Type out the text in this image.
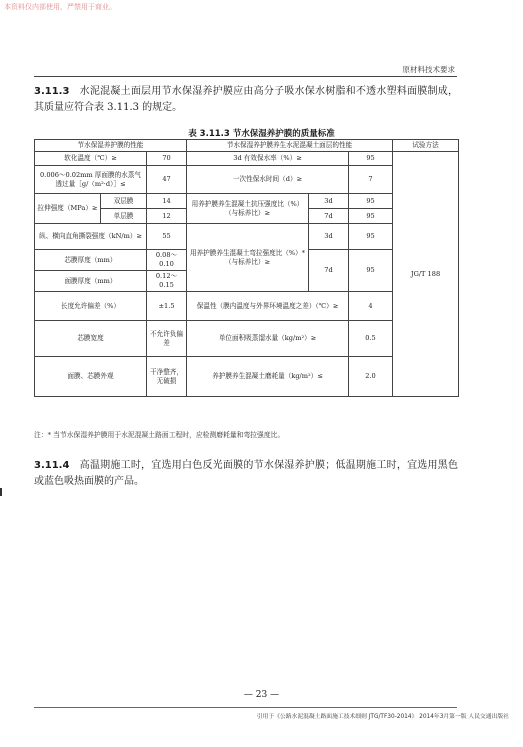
本资料仅内部使用，严禁用于商业。
原材料技术要求
3.11.3 水泥混凝土面层用节水保湿养护膜应由高分子吸水保水树脂和不透水塑料面膜制成，其质量应符合表 3.11.3 的规定。
表 3.11.3 节水保湿养护膜的质量标准
节水保湿养护膜的性能			节水保湿养护膜养生水泥混凝土面层的性能			试验方法
软化温度（℃）≥		70	3d 有效保水率（%）≥		95	JG/T 188
0.006～0.02mm 厚面膜的水蒸气透过量［g/（m²·d）］≤		47	一次性保水时间（d）≥		7	
拉伸强度（MPa）≥	双层膜	14	用养护膜养生混凝土抗压强度比（%）（与标养比）≥	3d	95	
	单层膜	12		7d	95	
纵、横向直角撕裂强度（kN/m）≥		55	用养护膜养生混凝土弯拉强度比（%）*（与标养比）≥	3d	95	
芯膜厚度（mm）		0.08～0.10		7d	95	
面膜厚度（mm）		0.12～0.15				
长度允许偏差（%）		±1.5	保温性（膜内温度与外界环境温度之差）（℃）≥		4	
芯膜宽度		不允许负偏差	单位面积吸蒸馏水量（kg/m²）≥		0.5	
面膜、芯膜外观		干净整齐，无破损	养护膜养生混凝土磨耗量（kg/m²）≤		2.0	
注：* 当节水保湿养护膜用于水泥混凝土路面工程时，应检测磨耗量和弯拉强度比。
3.11.4 高温期施工时，宜选用白色反光面膜的节水保湿养护膜；低温期施工时，宜选用黑色或蓝色吸热面膜的产品。
— 23 —
引用于《公路水泥混凝土路面施工技术细则 JTG/TF30-2014》 2014年3月第一版 人民交通出版社
